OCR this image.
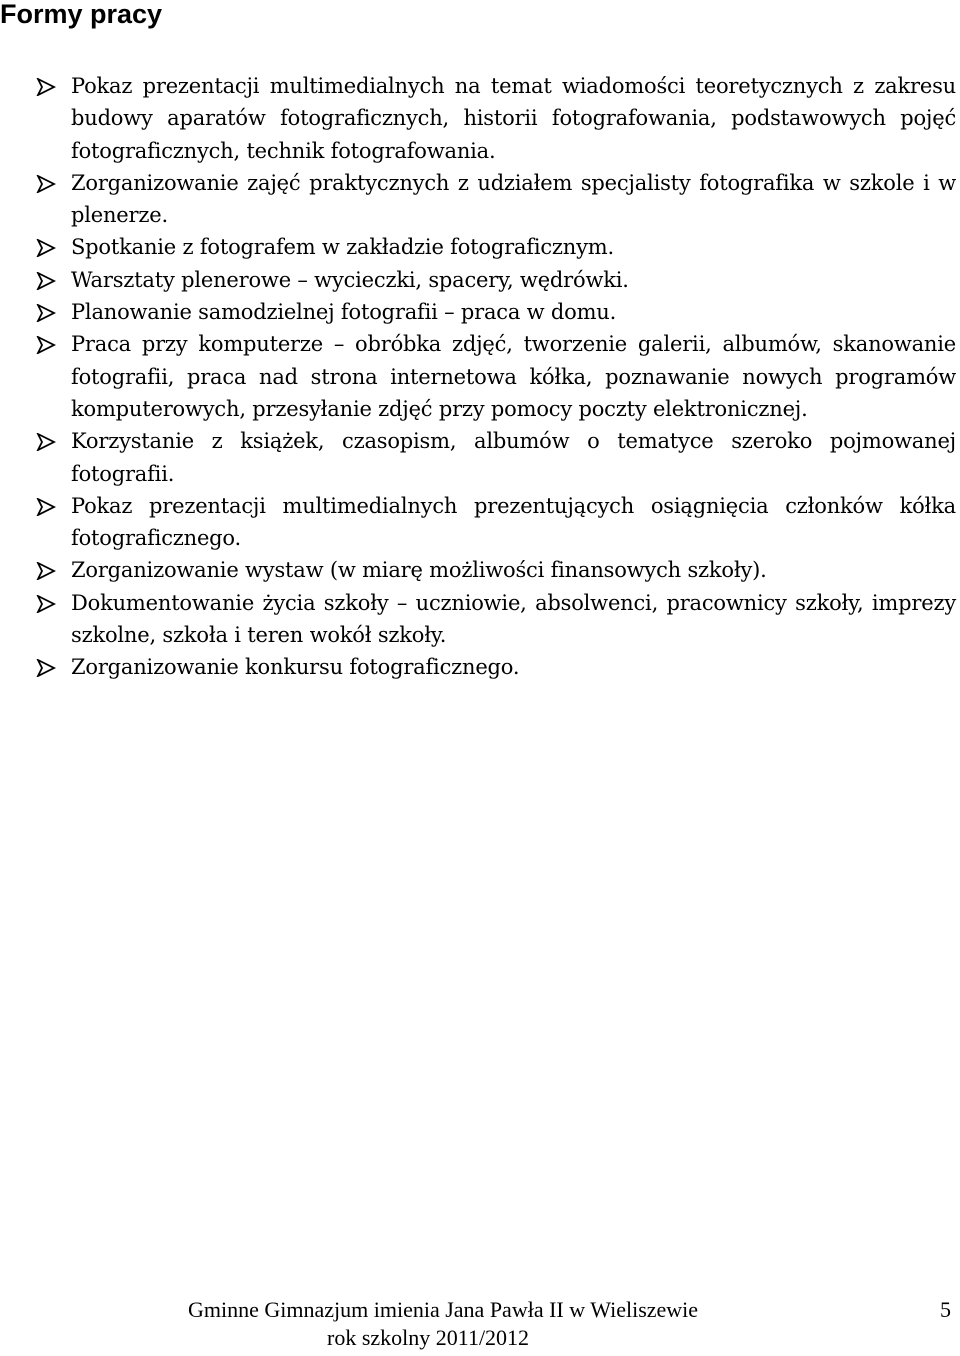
Formy pracy
Pokaz prezentacji multimedialnych na temat wiadomości teoretycznych z zakresu budowy aparatów fotograficznych, historii fotografowania, podstawowych pojęć fotograficznych, technik fotografowania.
Zorganizowanie zajęć praktycznych z udziałem specjalisty fotografika w szkole i w plenerze.
Spotkanie z fotografem w zakładzie fotograficznym.
Warsztaty plenerowe – wycieczki, spacery, wędrówki.
Planowanie samodzielnej fotografii – praca w domu.
Praca przy komputerze – obróbka zdjęć, tworzenie galerii, albumów, skanowanie fotografii, praca nad strona internetowa kółka, poznawanie nowych programów komputerowych, przesyłanie zdjęć przy pomocy poczty elektronicznej.
Korzystanie z książek, czasopism, albumów o tematyce szeroko pojmowanej fotografii.
Pokaz prezentacji multimedialnych prezentujących osiągnięcia członków kółka fotograficznego.
Zorganizowanie wystaw (w miarę możliwości finansowych szkoły).
Dokumentowanie życia szkoły – uczniowie, absolwenci, pracownicy szkoły, imprezy szkolne, szkoła i teren wokół szkoły.
Zorganizowanie konkursu fotograficznego.
Gminne Gimnazjum imienia Jana Pawła II w Wieliszewie
rok szkolny 2011/2012
5
